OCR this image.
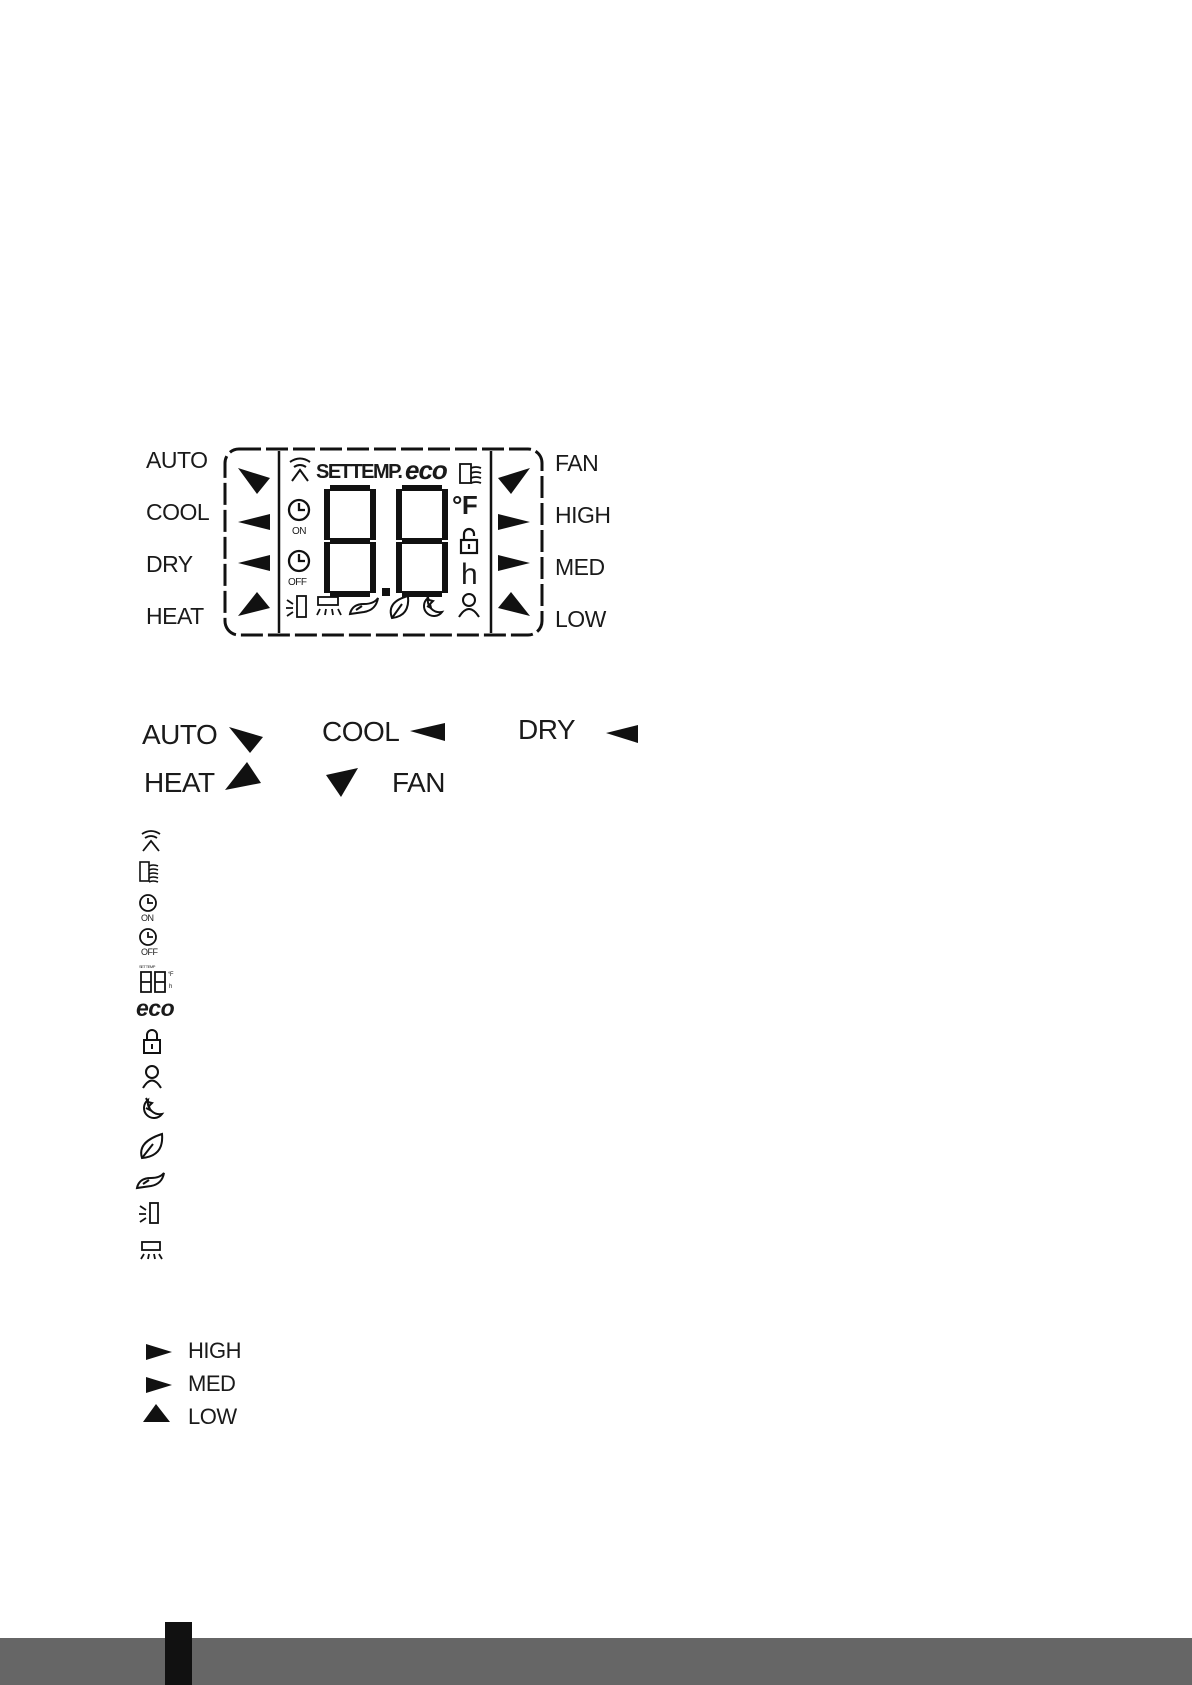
AUTO
COOL
DRY
HEAT
FAN
HIGH
MED
LOW
SETTEMP. eco
ON
OFF
°F
h
AUTO	COOL	DRY
HEAT	FAN
ON
OFF
SET TEMP
°F
h
eco
HIGH
MED
LOW
